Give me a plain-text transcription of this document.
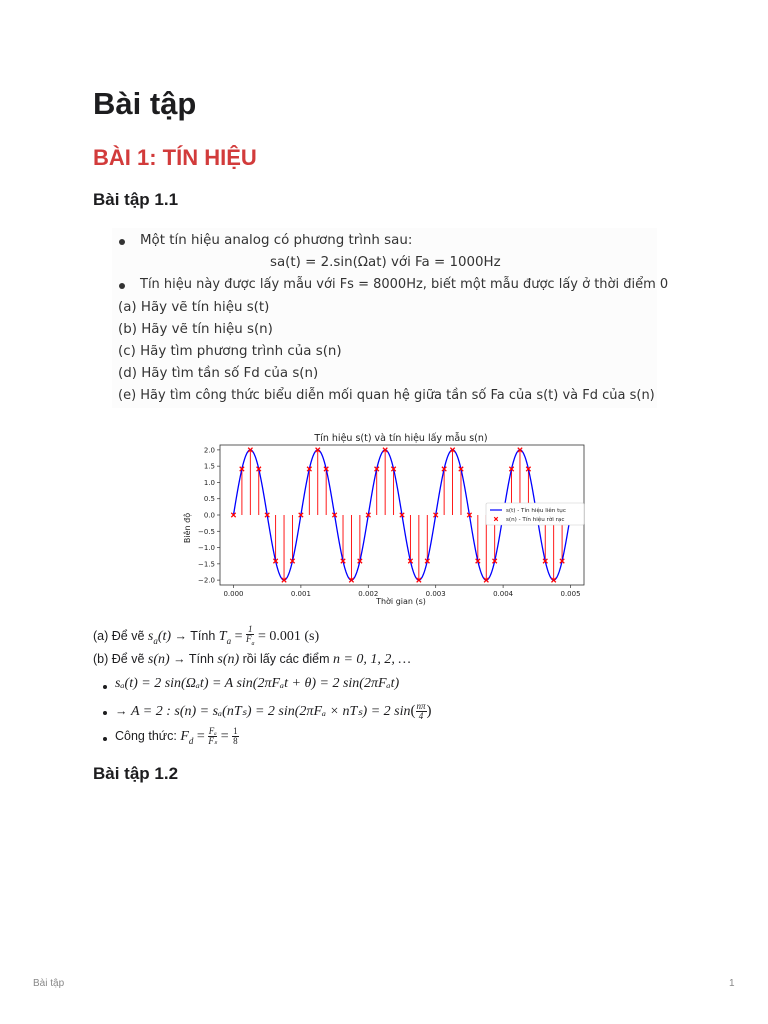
Bài tập
BÀI 1: TÍN HIỆU
Bài tập 1.1
Một tín hiệu analog có phương trình sau:
sa(t) = 2.sin(Ωat) với Fa = 1000Hz
Tín hiệu này được lấy mẫu với Fs = 8000Hz, biết một mẫu được lấy ở thời điểm 0
(a) Hãy vẽ tín hiệu s(t)
(b) Hãy vẽ tín hiệu s(n)
(c) Hãy tìm phương trình của s(n)
(d) Hãy tìm tần số Fd của s(n)
(e) Hãy tìm công thức biểu diễn mối quan hệ giữa tần số Fa của s(t) và Fd của s(n)
Tín hiệu s(t) và tín hiệu lấy mẫu s(n)
Thời gian (s)
Biên độ
2.0
1.5
1.0
0.5
0.0
−0.5
−1.0
−1.5
−2.0
0.000	0.001	0.002	0.003	0.004	0.005
s(t) - Tín hiệu liên tục
s(n) - Tín hiệu rời rạc
(a) Để vẽ $s_a(t)$ → Tính $T_a = \frac{1}{F_a} = 0.001$ (s)
(b) Để vẽ s(n) → Tính s(n) rồi lấy các điểm n = 0, 1, 2, …
sₐ(t) = 2 sin(Ωₐt) = A sin(2πFₐt + θ) = 2 sin(2πFₐt)
→ A = 2 : s(n) = sₐ(nTₛ) = 2 sin(2πFₐ × nTₛ) = 2 $\sin( \frac{n\pi}{4}$ )
Công thức: $F_d = \frac{\text{Fₐ}}{\text{Fₛ}} = \frac{1}{8}$
Bài tập 1.2
Bài tập	1
